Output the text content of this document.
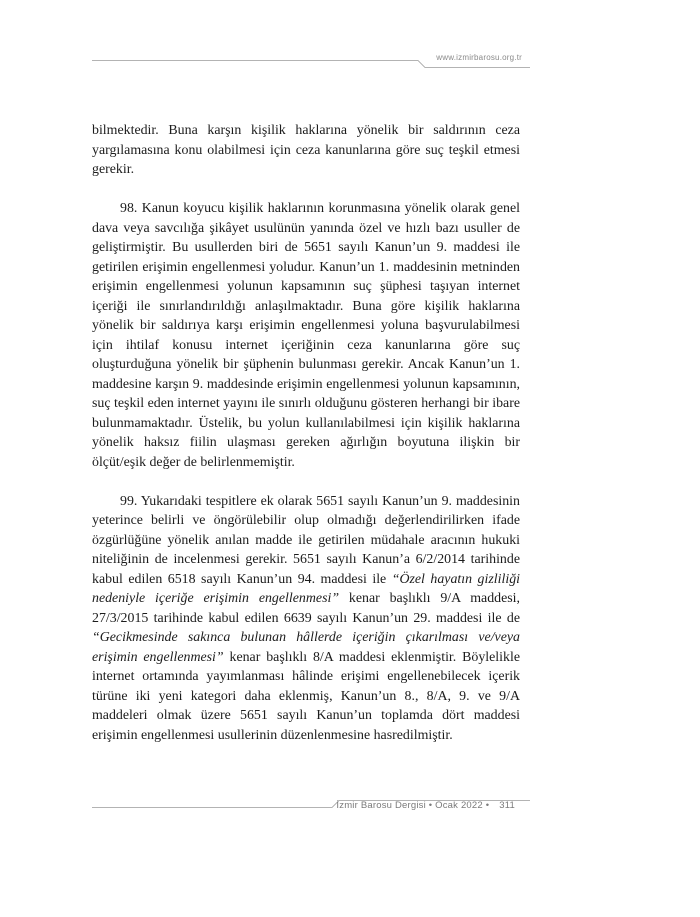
www.izmirbarosu.org.tr

bilmektedir. Buna karşın kişilik haklarına yönelik bir saldırının ceza yargılamasına konu olabilmesi için ceza kanunlarına göre suç teşkil etmesi gerekir.

98. Kanun koyucu kişilik haklarının korunmasına yönelik olarak genel dava veya savcılığa şikâyet usulünün yanında özel ve hızlı bazı usuller de geliştirmiştir. Bu usullerden biri de 5651 sayılı Kanun’un 9. maddesi ile getirilen erişimin engellenmesi yoludur. Kanun’un 1. maddesinin metninden erişimin engellenmesi yolunun kapsamının suç şüphesi taşıyan internet içeriği ile sınırlandırıldığı anlaşılmaktadır. Buna göre kişilik haklarına yönelik bir saldırıya karşı erişimin engellenmesi yoluna başvurulabilmesi için ihtilaf konusu internet içeriğinin ceza kanunlarına göre suç oluşturduğuna yönelik bir şüphenin bulunması gerekir. Ancak Kanun’un 1. maddesine karşın 9. maddesinde erişimin engellenmesi yolunun kapsamının, suç teşkil eden internet yayını ile sınırlı olduğunu gösteren herhangi bir ibare bulunmamaktadır. Üstelik, bu yolun kullanılabilmesi için kişilik haklarına yönelik haksız fiilin ulaşması gereken ağırlığın boyutuna ilişkin bir ölçüt/eşik değer de belirlenmemiştir.

99. Yukarıdaki tespitlere ek olarak 5651 sayılı Kanun’un 9. maddesinin yeterince belirli ve öngörülebilir olup olmadığı değerlendirilirken ifade özgürlüğüne yönelik anılan madde ile getirilen müdahale aracının hukuki niteliğinin de incelenmesi gerekir. 5651 sayılı Kanun’a 6/2/2014 tarihinde kabul edilen 6518 sayılı Kanun’un 94. maddesi ile “Özel hayatın gizliliği nedeniyle içeriğe erişimin engellenmesi” kenar başlıklı 9/A maddesi, 27/3/2015 tarihinde kabul edilen 6639 sayılı Kanun’un 29. maddesi ile de “Gecikmesinde sakınca bulunan hâllerde içeriğin çıkarılması ve/veya erişimin engellenmesi” kenar başlıklı 8/A maddesi eklenmiştir. Böylelikle internet ortamında yayımlanması hâlinde erişimi engellenebilecek içerik türüne iki yeni kategori daha eklenmiş, Kanun’un 8., 8/A, 9. ve 9/A maddeleri olmak üzere 5651 sayılı Kanun’un toplamda dört maddesi erişimin engellenmesi usullerinin düzenlenmesine hasredilmiştir.

İzmir Barosu Dergisi • Ocak 2022 • 311
